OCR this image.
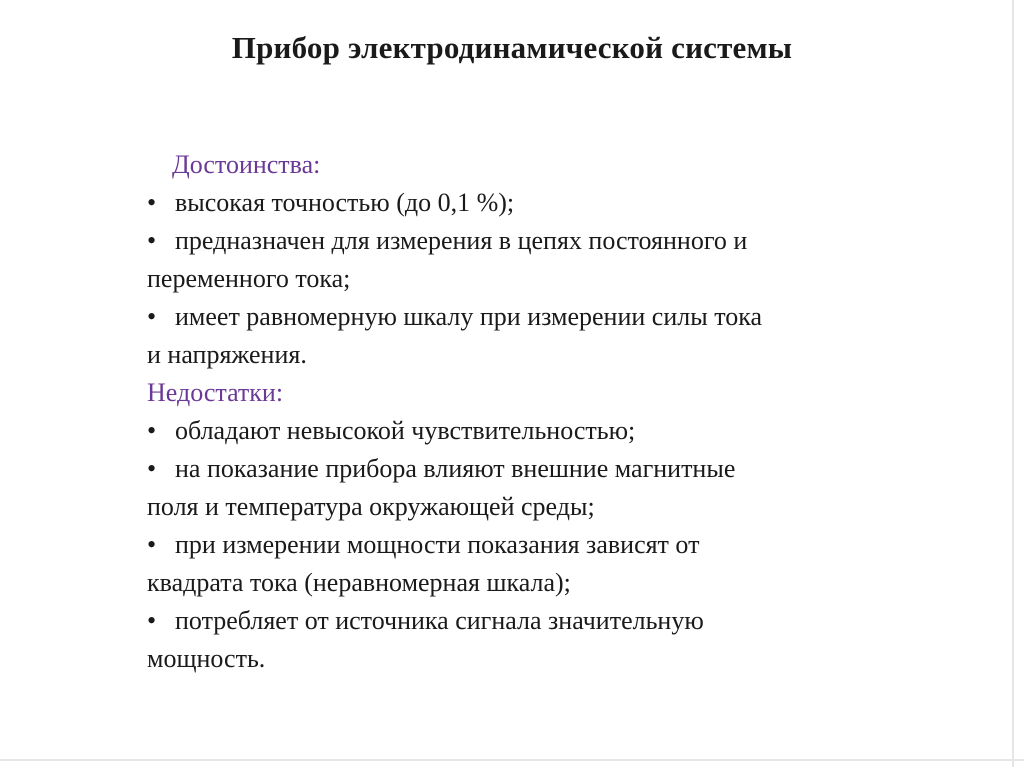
Прибор электродинамической системы

Достоинства:

• высокая точностью (до 0,1 %);
• предназначен для измерения в цепях постоянного и
переменного тока;
• имеет равномерную шкалу при измерении силы тока
и напряжения.

Недостатки:

• обладают невысокой чувствительностью;
• на показание прибора влияют внешние магнитные
поля и температура окружающей среды;
• при измерении мощности показания зависят от
квадрата тока (неравномерная шкала);
• потребляет от источника сигнала значительную
мощность.
